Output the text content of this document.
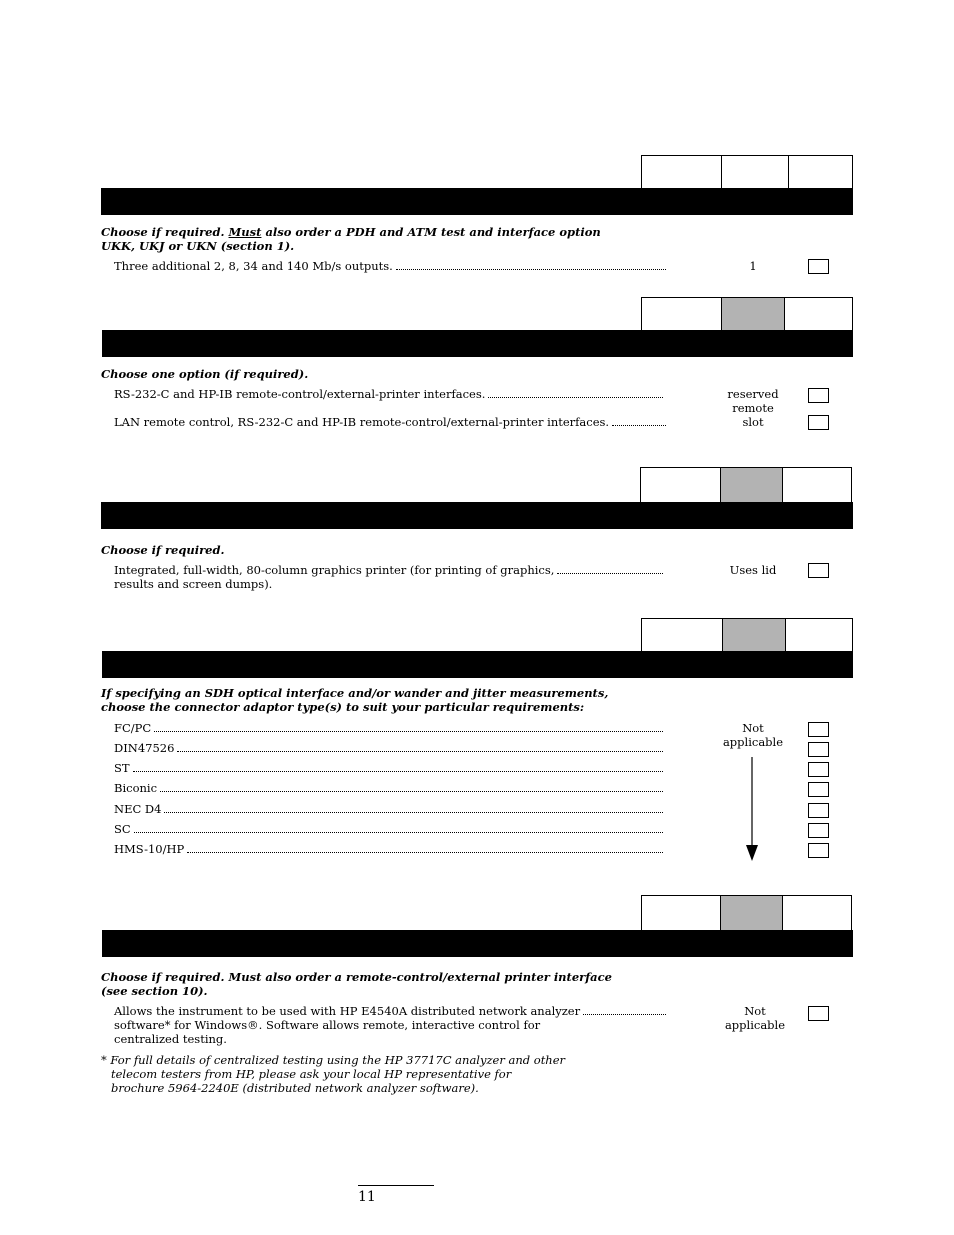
Choose if required. Must also order a PDH and ATM test and interface option
UKK, UKJ or UKN (section 1).
Three additional 2, 8, 34 and 140 Mb/s outputs.	1
Choose one option (if required).
RS-232-C and HP-IB remote-control/external-printer interfaces.
LAN remote control, RS-232-C and HP-IB remote-control/external-printer interfaces.
reserved
remote
slot
Choose if required.
Integrated, full-width, 80-column graphics printer (for printing of graphics,
results and screen dumps).
Uses lid
If specifying an SDH optical interface and/or wander and jitter measurements,
choose the connector adaptor type(s) to suit your particular requirements:
FC/PC
DIN47526
ST
Biconic
NEC D4
SC
HMS-10/HP
Not
applicable
Choose if required. Must also order a remote-control/external printer interface
(see section 10).
Allows the instrument to be used with HP E4540A distributed network analyzer
software* for Windows®. Software allows remote, interactive control for
centralized testing.
Not
applicable
* For full details of centralized testing using the HP 37717C analyzer and other
telecom testers from HP, please ask your local HP representative for
brochure 5964-2240E (distributed network analyzer software).
11
